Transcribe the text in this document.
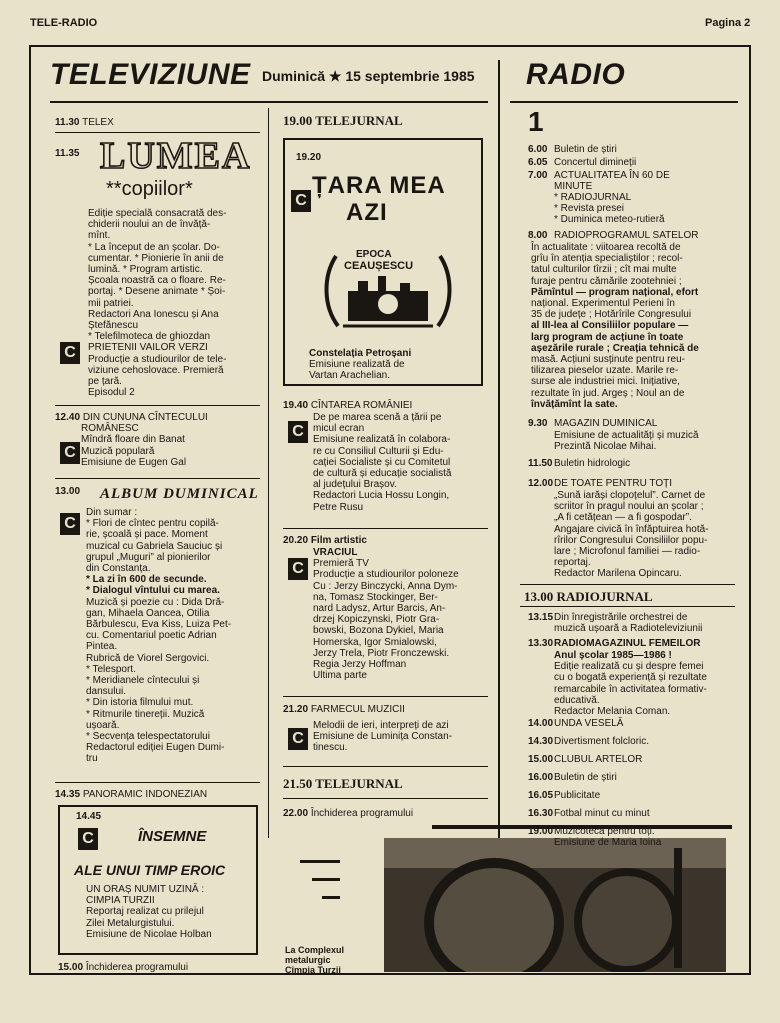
TELE-RADIO	Pagina 2
TELEVIZIUNE Duminică ★ 15 septembrie 1985
11.30 TELEX
11.35 LUMEA
**copiilor*

Ediție specială consacrată des-

chiderii noului an de învăță-

mînt.

* La început de an școlar. Do-

cumentar. * Pionierie în anii de

lumină. * Program artistic.

Școala noastră ca o floare. Re-

portaj. * Desene animate * Șoi-

mii patriei.

Redactori Ana Ionescu și Ana

Ștefănescu

* Telefilmoteca de ghiozdan

PRIETENII VAILOR VERZI

Producție a studiourilor de tele-

viziune cehoslovace. Premieră

pe țară.

Episodul 2

C

12.40 DIN CUNUNA CÎNTECULUI

ROMÂNESC

Mîndră floare din Banat

Muzică populară

Emisiune de Eugen Gal

C
13.00 ALBUM DUMINICAL

Din sumar :

* Flori de cîntec pentru copilă-

rie, școală și pace. Moment

muzical cu Gabriela Sauciuc și

grupul „Muguri” al pionierilor

din Constanța.

* La zi în 600 de secunde.

* Dialogul vîntului cu marea.

Muzică și poezie cu : Dida Dră-

gan, Mihaela Oancea, Otilia

Bărbulescu, Eva Kiss, Luiza Pet-

cu. Comentariul poetic Adrian

Pintea.

Rubrică de Viorel Sergovici.

* Telesport.

* Meridianele cîntecului și

dansului.

* Din istoria filmului mut.

* Ritmurile tinereții. Muzică

ușoară.

* Secvența telespectatorului

Redactorul ediției Eugen Dumi-

tru

C
14.35 PANORAMIC INDONEZIAN
14.45
C	ÎNSEMNE
ALE UNUI TIMP EROIC

UN ORAȘ NUMIT UZINĂ :

CIMPIA TURZII

Reportaj realizat cu prilejul

Zilei Metalurgistului.

Emisiune de Nicolae Holban

15.00 Închiderea programului
19.00 TELEJURNAL
19.20
C
ȚARA MEA
AZI
EPOCA
CEAUȘESCU

Constelația Petroșani

Emisiune realizată de

Vartan Arachelian.

19.40 CÎNTAREA ROMÂNIEI

C

De pe marea scenă a țării pe

micul ecran

Emisiune realizată în colabora-

re cu Consiliul Culturii și Edu-

cației Socialiste și cu Comitetul

de cultură și educație socialistă

al județului Brașov.

Redactori Lucia Hossu Longin,

Petre Rusu

20.20 Film artistic
C

VRACIUL

Premieră TV

Producție a studiourilor poloneze

Cu : Jerzy Binczycki, Anna Dym-

na, Tomasz Stockinger, Ber-

nard Ladysz, Artur Barcis, An-

drzej Kopiczynski, Piotr Gra-

bowski, Bozona Dykiel, Maria

Homerska, Igor Smialowski,

Jerzy Trela, Piotr Fronczewski.

Regia Jerzy Hoffman

Ultima parte

21.20 FARMECUL MUZICII
C

Melodii de ieri, interpreți de azi

Emisiune de Luminița Constan-

tinescu.

21.50 TELEJURNAL
22.00 Închiderea programului

La Complexul

metalurgic

Cîmpia Turzii

RADIO
1
6.00 Buletin de știri
6.05 Concertul dimineții
7.00 ACTUALITATEA ÎN 60 DE
MINUTE
* RADIOJURNAL
* Revista presei
* Duminica meteo-rutieră
8.00 RADIOPROGRAMUL SATELOR

În actualitate : viitoarea recoltă de

grîu în atenția specialiștilor ; recol-

tatul culturilor tîrzii ; cît mai multe

furaje pentru cămările zootehniei ;

Pămîntul — program național, efort

național. Experimentul Perieni în

35 de județe ; Hotărîrile Congresului

al III-lea al Consiliilor populare —

larg program de acțiune în toate

așezările rurale ; Creația tehnică de

masă. Acțiuni susținute pentru reu-

tilizarea pieselor uzate. Marile re-

surse ale industriei mici. Inițiative,

rezultate în jud. Argeș ; Noul an de

învățămînt la sate.

9.30 MAGAZIN DUMINICAL

Emisiune de actualități și muzică

Prezintă Nicolae Mihai.

11.50 Buletin hidrologic
12.00DE TOATE PENTRU TOȚI

„Sună iarăși clopoțelul”. Carnet de

scriitor în pragul noului an școlar ;

„A fi cetățean — a fi gospodar”.

Angajare civică în înfăptuirea hotă-

rîrilor Congresului Consiliilor popu-

lare ; Microfonul familiei — radio-

reportaj.

Redactor Marilena Opincaru.

13.00 RADIOJURNAL
13.15Din înregistrările orchestrei de

muzică ușoară a Radioteleviziunii

13.30RADIOMAGAZINUL FEMEILOR

Anul școlar 1985—1986 !

Ediție realizată cu și despre femei

cu o bogată experiență și rezultate

remarcabile în activitatea formativ-

educativă.

Redactor Melania Coman.

14.00UNDA VESELĂ
14.30Divertisment folcloric.
15.00CLUBUL ARTELOR
16.00Buletin de știri
16.05Publicitate
16.30Fotbal minut cu minut
19.00Muzicoteca pentru toți.
Emisiune de Maria Ioina
